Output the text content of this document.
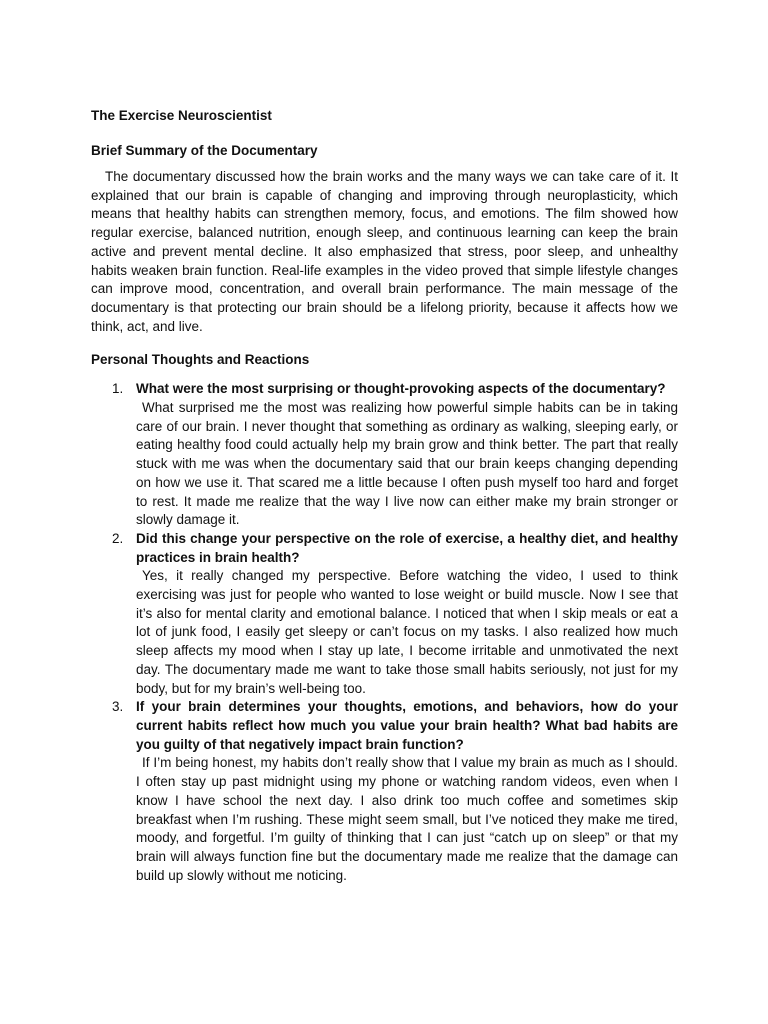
The Exercise Neuroscientist
Brief Summary of the Documentary

The documentary discussed how the brain works and the many ways we can take care of it. It explained that our brain is capable of changing and improving through neuroplasticity, which means that healthy habits can strengthen memory, focus, and emotions. The film showed how regular exercise, balanced nutrition, enough sleep, and continuous learning can keep the brain active and prevent mental decline. It also emphasized that stress, poor sleep, and unhealthy habits weaken brain function. Real-life examples in the video proved that simple lifestyle changes can improve mood, concentration, and overall brain performance. The main message of the documentary is that protecting our brain should be a lifelong priority, because it affects how we think, act, and live.

Personal Thoughts and Reactions
1. What were the most surprising or thought-provoking aspects of the documentary?

What surprised me the most was realizing how powerful simple habits can be in taking care of our brain. I never thought that something as ordinary as walking, sleeping early, or eating healthy food could actually help my brain grow and think better. The part that really stuck with me was when the documentary said that our brain keeps changing depending on how we use it. That scared me a little because I often push myself too hard and forget to rest. It made me realize that the way I live now can either make my brain stronger or slowly damage it.

2. Did this change your perspective on the role of exercise, a healthy diet, and healthy practices in brain health?

Yes, it really changed my perspective. Before watching the video, I used to think exercising was just for people who wanted to lose weight or build muscle. Now I see that it’s also for mental clarity and emotional balance. I noticed that when I skip meals or eat a lot of junk food, I easily get sleepy or can’t focus on my tasks. I also realized how much sleep affects my mood when I stay up late, I become irritable and unmotivated the next day. The documentary made me want to take those small habits seriously, not just for my body, but for my brain’s well-being too.

3. If your brain determines your thoughts, emotions, and behaviors, how do your current habits reflect how much you value your brain health? What bad habits are you guilty of that negatively impact brain function?

If I’m being honest, my habits don’t really show that I value my brain as much as I should. I often stay up past midnight using my phone or watching random videos, even when I know I have school the next day. I also drink too much coffee and sometimes skip breakfast when I’m rushing. These might seem small, but I’ve noticed they make me tired, moody, and forgetful. I’m guilty of thinking that I can just “catch up on sleep” or that my brain will always function fine but the documentary made me realize that the damage can build up slowly without me noticing.
